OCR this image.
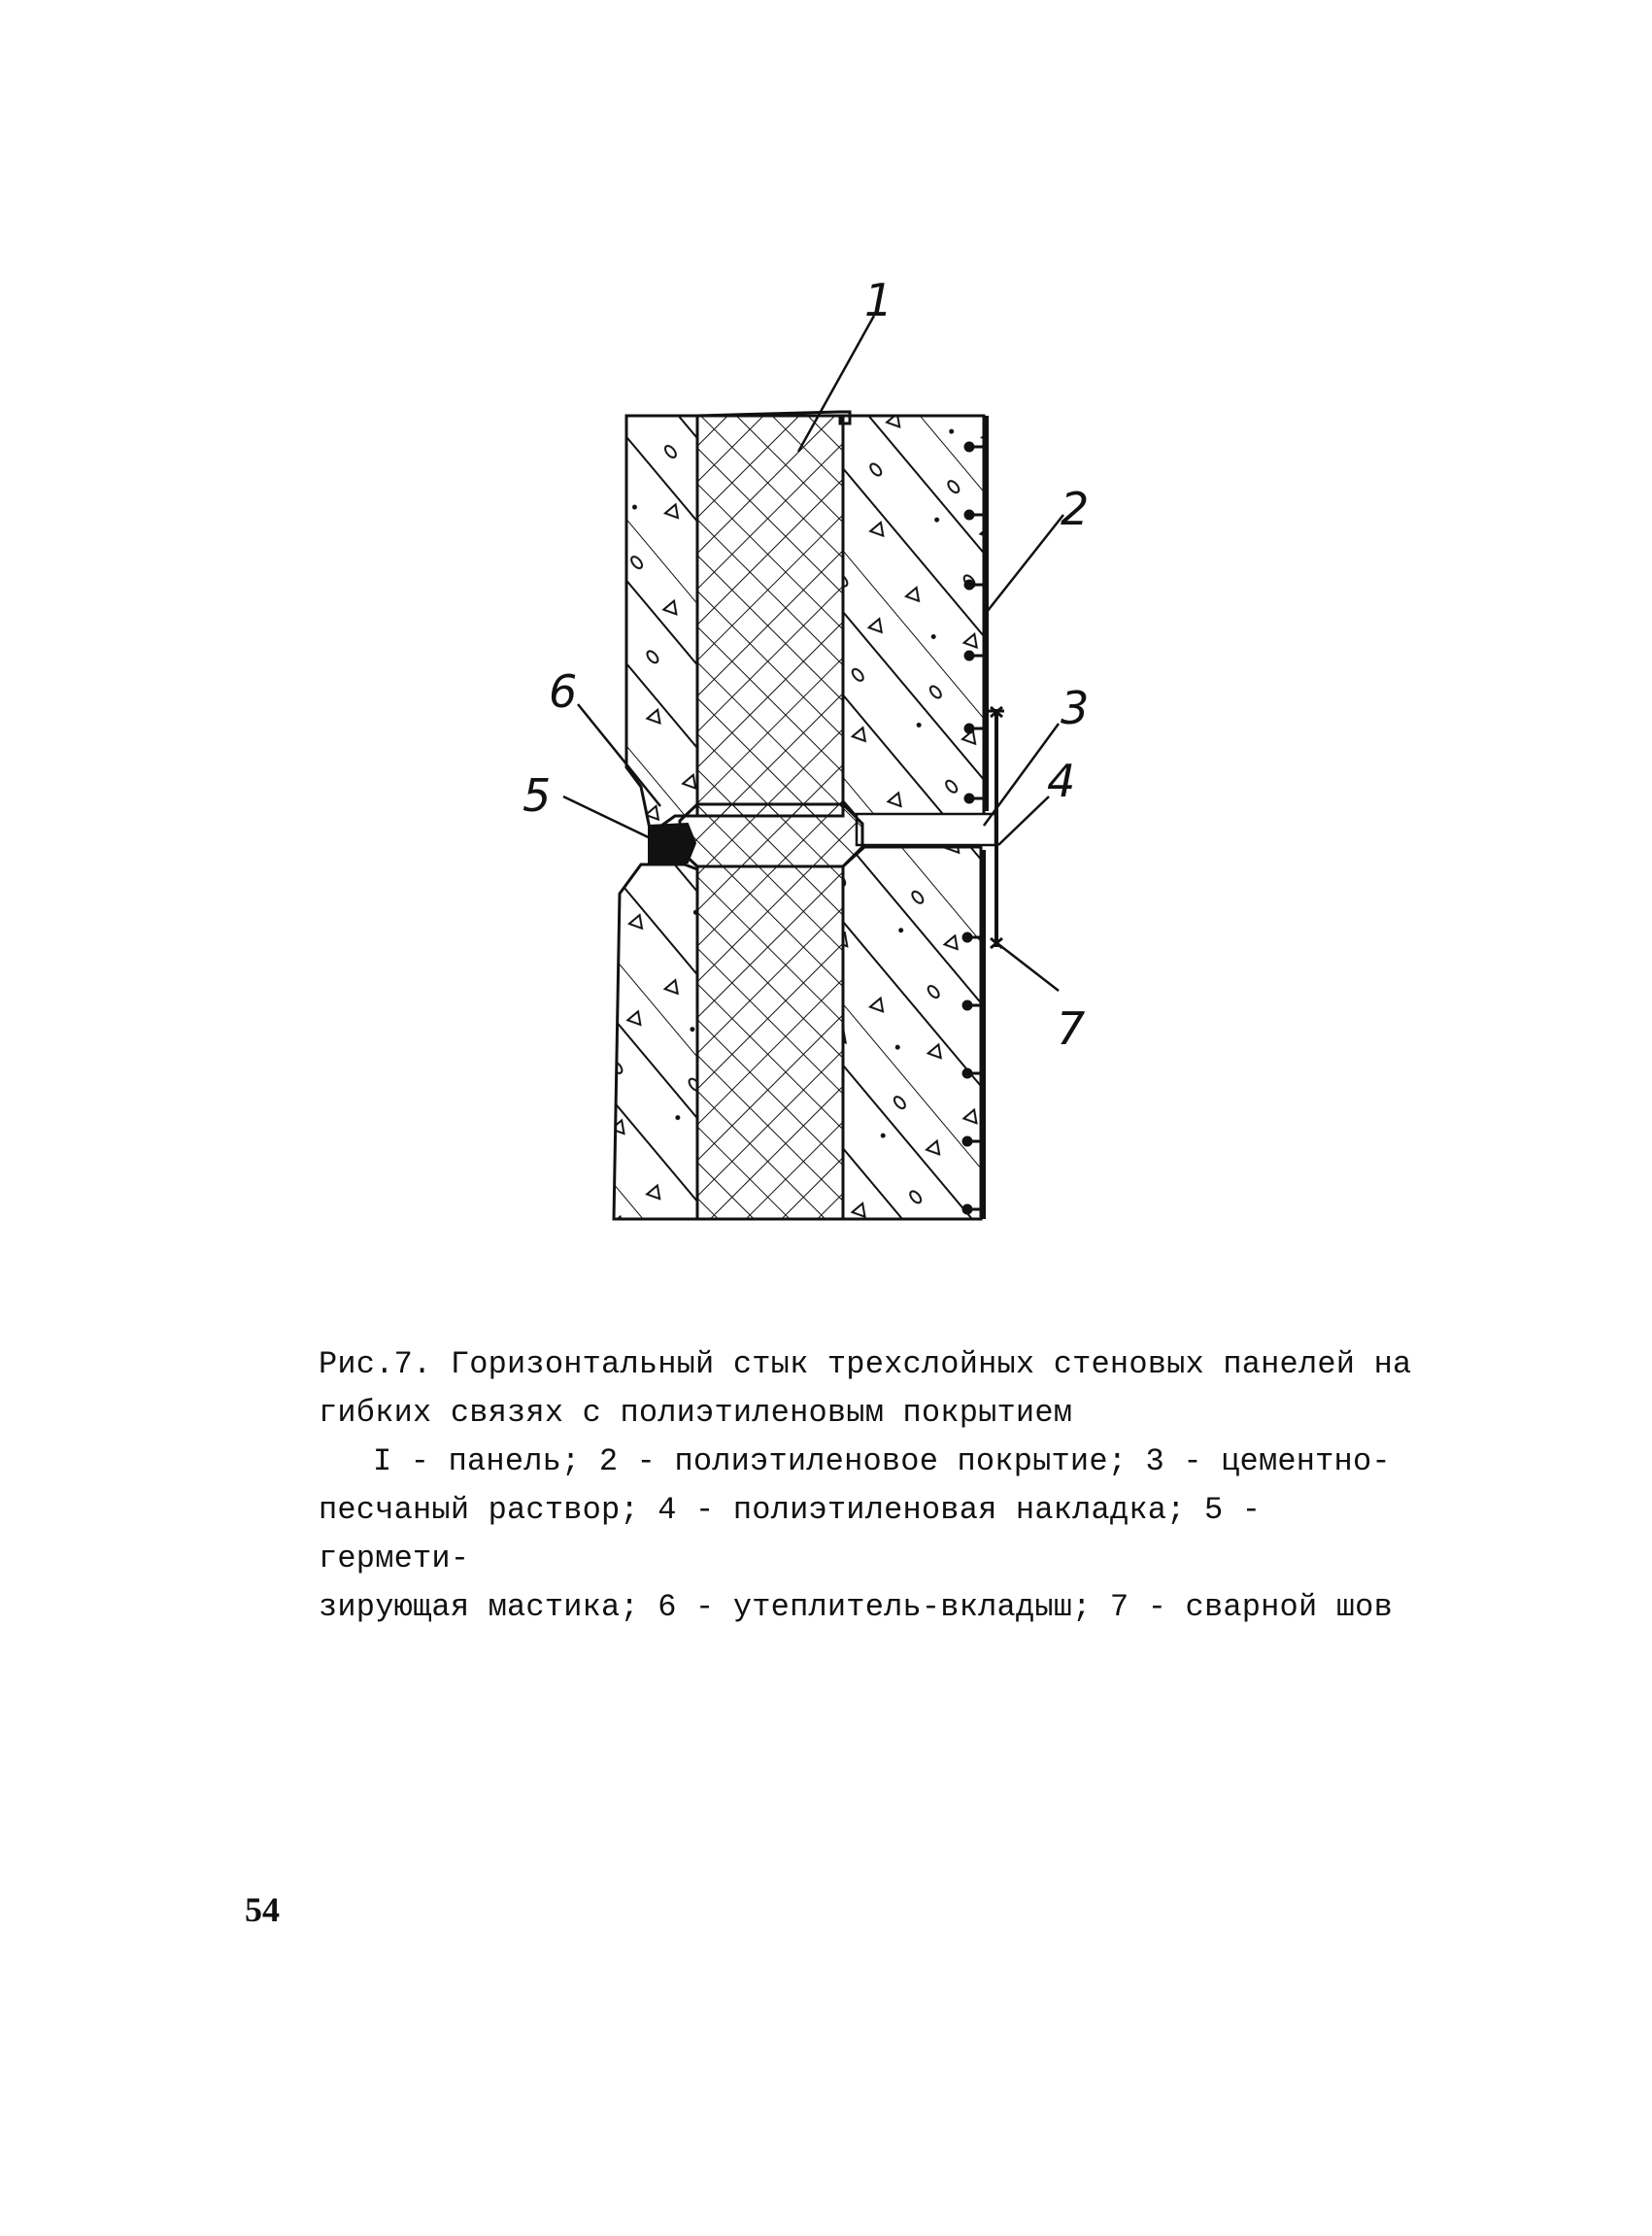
1
2
3
4
5
6
7

Рис.7. Горизонтальный стык трехслойных стеновых панелей на

гибких связях с полиэтиленовым покрытием

I - панель; 2 - полиэтиленовое покрытие; 3 - цементно-

песчаный раствор; 4 - полиэтиленовая накладка; 5 - гермети-

зирующая мастика; 6 - утеплитель-вкладыш; 7 - сварной шов

54
